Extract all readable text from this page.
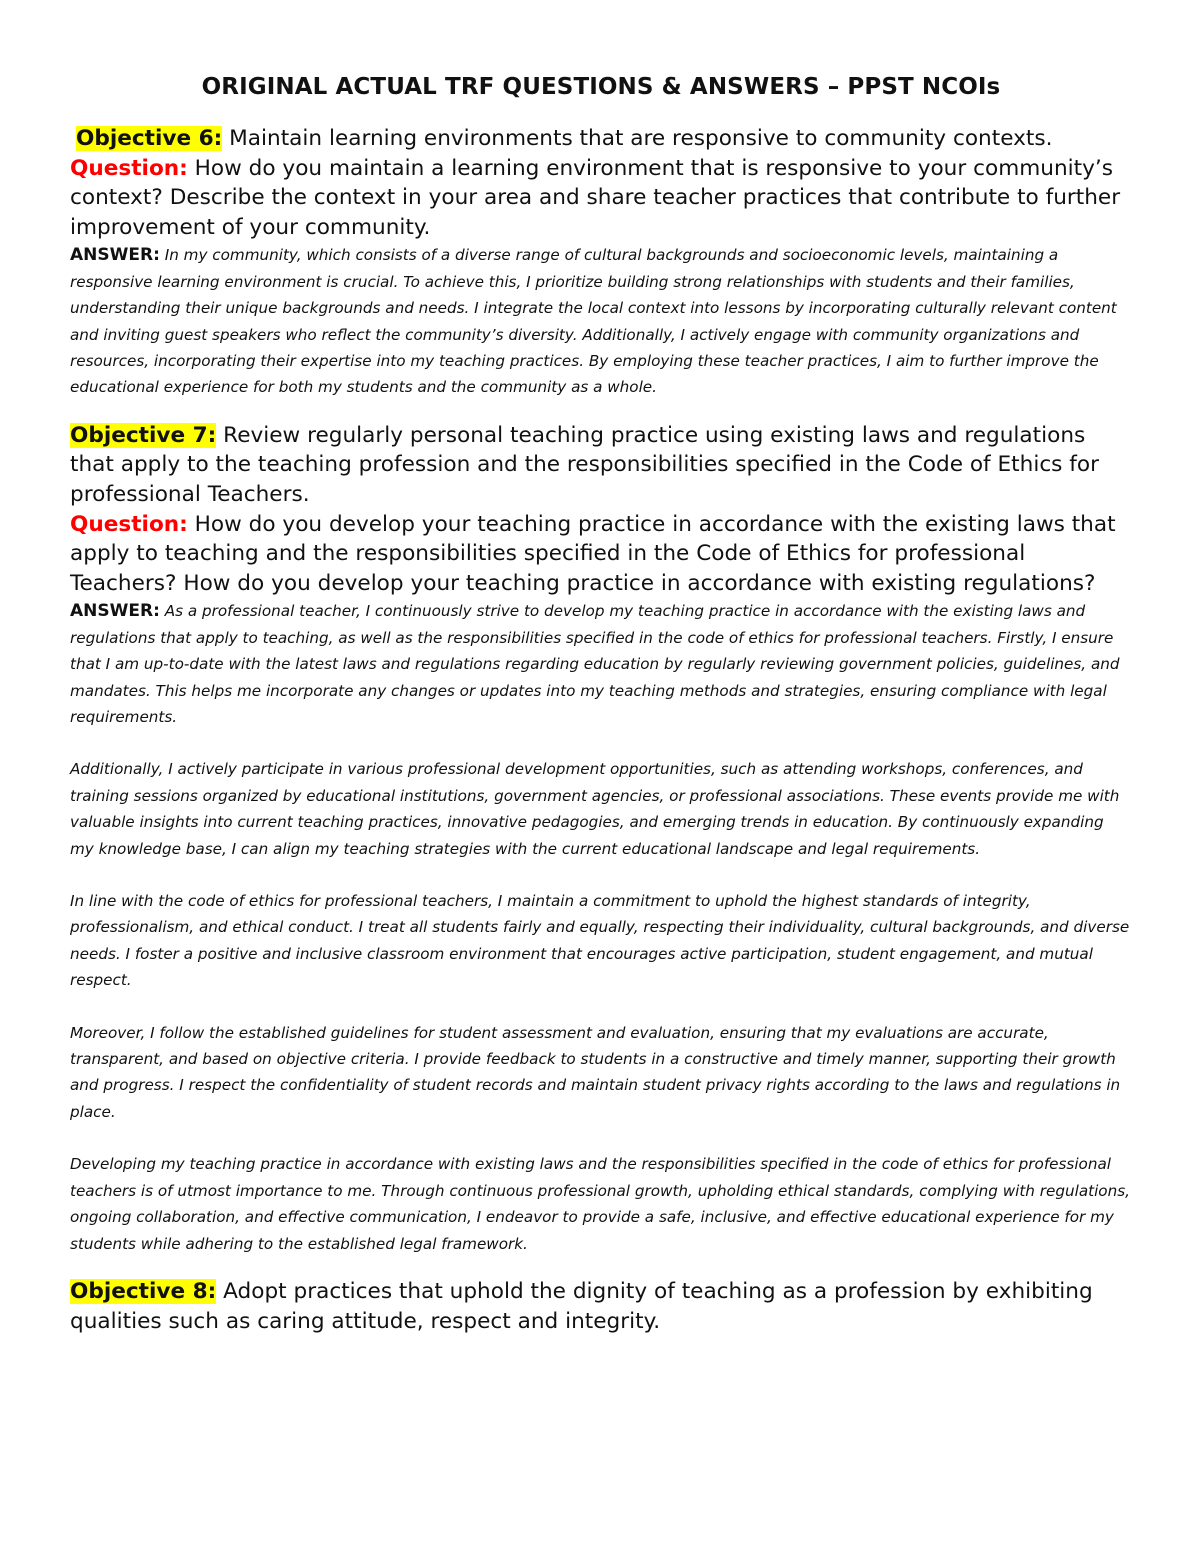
ORIGINAL ACTUAL TRF QUESTIONS & ANSWERS – PPST NCOIs

Objective 6: Maintain learning environments that are responsive to community contexts.

Question: How do you maintain a learning environment that is responsive to your community’s context? Describe the context in your area and share teacher practices that contribute to further improvement of your community.

ANSWER: In my community, which consists of a diverse range of cultural backgrounds and socioeconomic levels, maintaining a responsive learning environment is crucial. To achieve this, I prioritize building strong relationships with students and their families, understanding their unique backgrounds and needs. I integrate the local context into lessons by incorporating culturally relevant content and inviting guest speakers who reflect the community’s diversity. Additionally, I actively engage with community organizations and resources, incorporating their expertise into my teaching practices. By employing these teacher practices, I aim to further improve the educational experience for both my students and the community as a whole.

Objective 7: Review regularly personal teaching practice using existing laws and regulations that apply to the teaching profession and the responsibilities specified in the Code of Ethics for professional Teachers.

Question: How do you develop your teaching practice in accordance with the existing laws that apply to teaching and the responsibilities specified in the Code of Ethics for professional Teachers? How do you develop your teaching practice in accordance with existing regulations?

ANSWER: As a professional teacher, I continuously strive to develop my teaching practice in accordance with the existing laws and regulations that apply to teaching, as well as the responsibilities specified in the code of ethics for professional teachers. Firstly, I ensure that I am up-to-date with the latest laws and regulations regarding education by regularly reviewing government policies, guidelines, and mandates. This helps me incorporate any changes or updates into my teaching methods and strategies, ensuring compliance with legal requirements.

Additionally, I actively participate in various professional development opportunities, such as attending workshops, conferences, and training sessions organized by educational institutions, government agencies, or professional associations. These events provide me with valuable insights into current teaching practices, innovative pedagogies, and emerging trends in education. By continuously expanding my knowledge base, I can align my teaching strategies with the current educational landscape and legal requirements.

In line with the code of ethics for professional teachers, I maintain a commitment to uphold the highest standards of integrity, professionalism, and ethical conduct. I treat all students fairly and equally, respecting their individuality, cultural backgrounds, and diverse needs. I foster a positive and inclusive classroom environment that encourages active participation, student engagement, and mutual respect.

Moreover, I follow the established guidelines for student assessment and evaluation, ensuring that my evaluations are accurate, transparent, and based on objective criteria. I provide feedback to students in a constructive and timely manner, supporting their growth and progress. I respect the confidentiality of student records and maintain student privacy rights according to the laws and regulations in place.

Developing my teaching practice in accordance with existing laws and the responsibilities specified in the code of ethics for professional teachers is of utmost importance to me. Through continuous professional growth, upholding ethical standards, complying with regulations, ongoing collaboration, and effective communication, I endeavor to provide a safe, inclusive, and effective educational experience for my students while adhering to the established legal framework.

Objective 8: Adopt practices that uphold the dignity of teaching as a profession by exhibiting qualities such as caring attitude, respect and integrity.
